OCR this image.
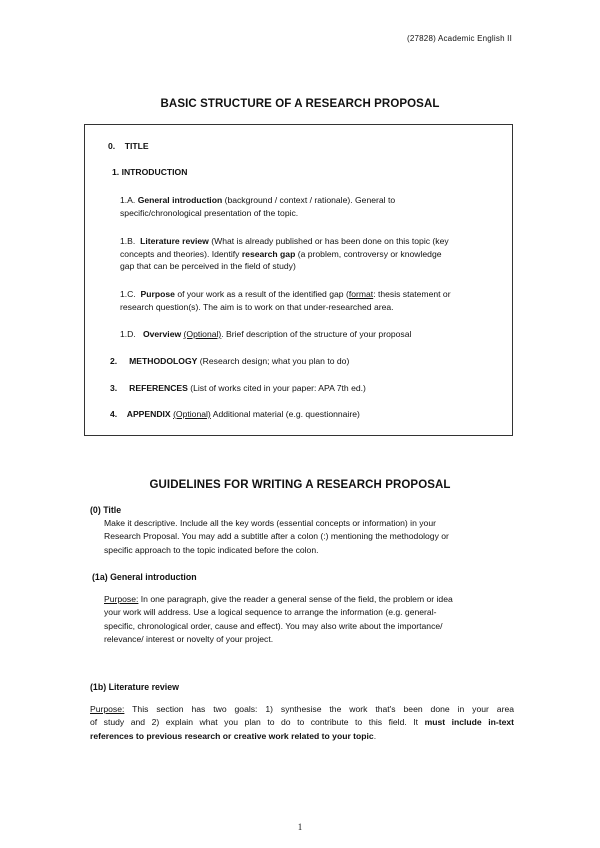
(27828) Academic English II
BASIC STRUCTURE OF A RESEARCH PROPOSAL
0. TITLE
1. INTRODUCTION
1.A. General introduction (background / context / rationale). General to
specific/chronological presentation of the topic.
1.B. Literature review (What is already published or has been done on this topic (key
concepts and theories). Identify research gap (a problem, controversy or knowledge
gap that can be perceived in the field of study)
1.C. Purpose of your work as a result of the identified gap (format: thesis statement or
research question(s). The aim is to work on that under-researched area.
1.D. Overview (Optional). Brief description of the structure of your proposal
2. METHODOLOGY (Research design; what you plan to do)
3. REFERENCES (List of works cited in your paper: APA 7th ed.)
4. APPENDIX (Optional) Additional material (e.g. questionnaire)
GUIDELINES FOR WRITING A RESEARCH PROPOSAL
(0) Title
Make it descriptive. Include all the key words (essential concepts or information) in your
Research Proposal. You may add a subtitle after a colon (:) mentioning the methodology or
specific approach to the topic indicated before the colon.
(1a) General introduction
Purpose: In one paragraph, give the reader a general sense of the field, the problem or idea
your work will address. Use a logical sequence to arrange the information (e.g. general-
specific, chronological order, cause and effect). You may also write about the importance/
relevance/ interest or novelty of your project.
(1b) Literature review
Purpose: This section has two goals: 1) synthesise the work that's been done in your area
of study and 2) explain what you plan to do to contribute to this field. It must include in-text
references to previous research or creative work related to your topic.
1
